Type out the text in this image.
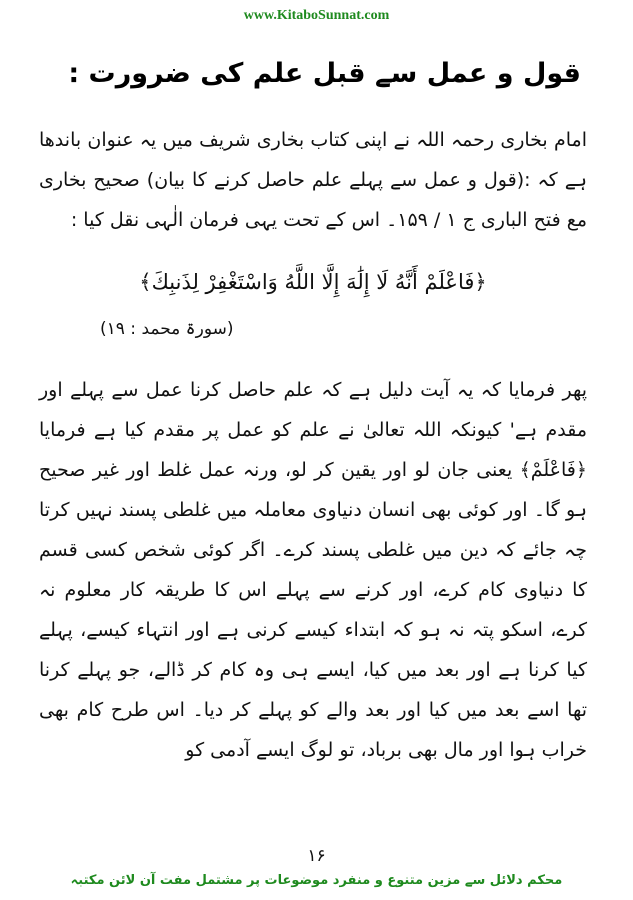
www.KitaboSunnat.com
قول و عمل سے قبل علم کی ضرورت :
امام بخاری رحمہ اللہ نے اپنی کتاب بخاری شریف میں یہ عنوان باندھا ہے کہ :(قول و عمل سے پہلے علم حاصل کرنے کا بیان) صحیح بخاری مع فتح الباری ج ۱ / ۱۵۹۔ اس کے تحت یہی فرمان الٰہی نقل کیا :
﴿فَاعْلَمْ أَنَّهُ لَا إِلَٰهَ إِلَّا اللَّهُ وَاسْتَغْفِرْ لِذَنبِكَ﴾
(سورۃ محمد : ۱۹)
پھر فرمایا کہ یہ آیت دلیل ہے کہ علم حاصل کرنا عمل سے پہلے اور مقدم ہے' کیونکہ اللہ تعالیٰ نے علم کو عمل پر مقدم کیا ہے فرمایا ﴿فَاعْلَمْ﴾ یعنی جان لو اور یقین کر لو، ورنہ عمل غلط اور غیر صحیح ہو گا۔ اور کوئی بھی انسان دنیاوی معاملہ میں غلطی پسند نہیں کرتا چہ جائے کہ دین میں غلطی پسند کرے۔ اگر کوئی شخص کسی قسم کا دنیاوی کام کرے، اور کرنے سے پہلے اس کا طریقہ کار معلوم نہ کرے، اسکو پتہ نہ ہو کہ ابتداء کیسے کرنی ہے اور انتہاء کیسے، پہلے کیا کرنا ہے اور بعد میں کیا، ایسے ہی وہ کام کر ڈالے، جو پہلے کرنا تھا اسے بعد میں کیا اور بعد والے کو پہلے کر دیا۔ اس طرح کام بھی خراب ہوا اور مال بھی برباد، تو لوگ ایسے آدمی کو
۱۶
محکم دلائل سے مزین متنوع و منفرد موضوعات پر مشتمل مفت آن لائن مکتبہ
